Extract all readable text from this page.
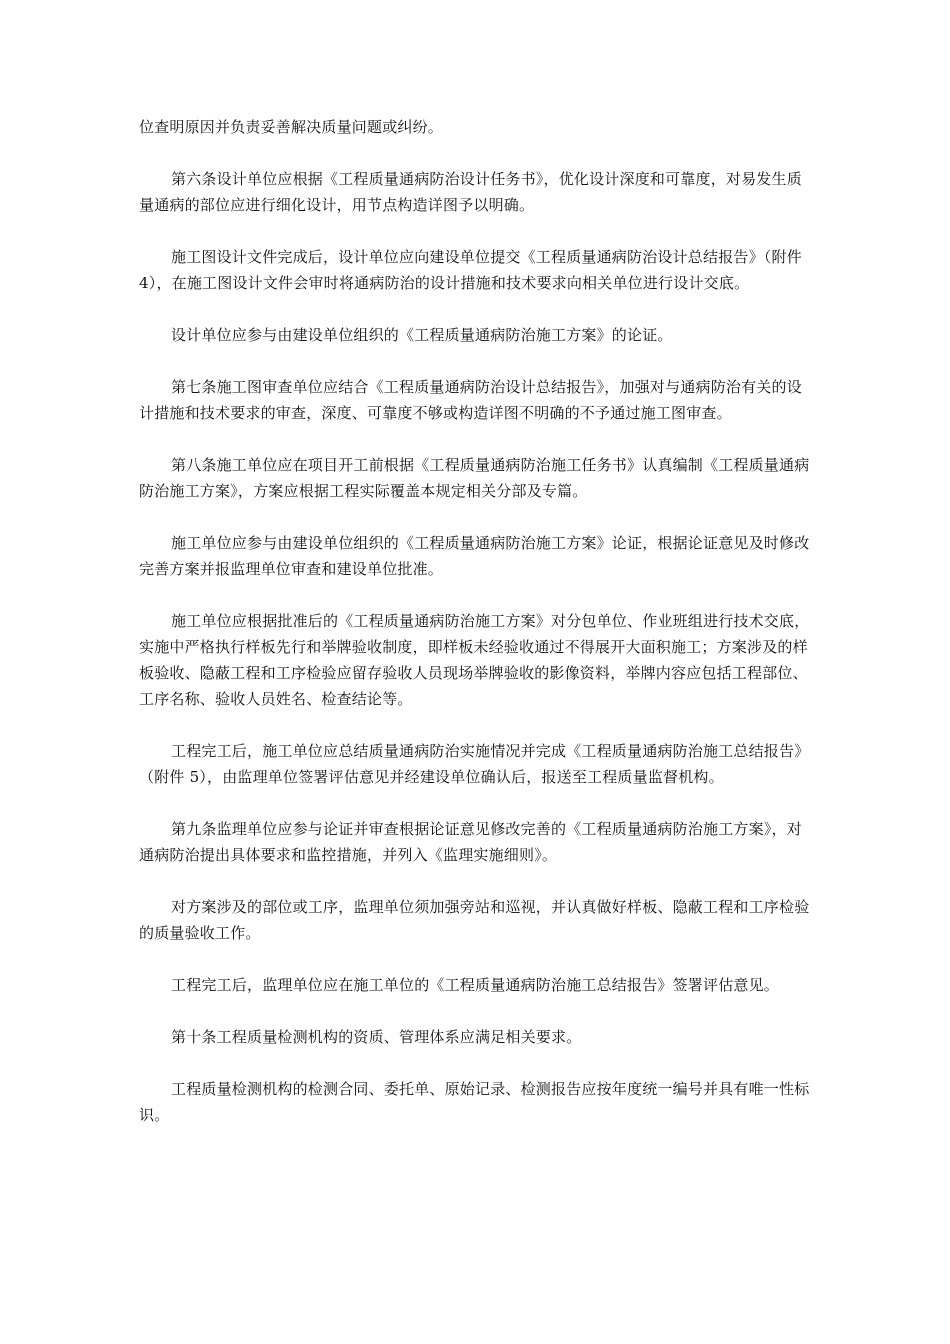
位查明原因并负责妥善解决质量问题或纠纷。

第六条设计单位应根据《工程质量通病防治设计任务书》，优化设计深度和可靠度，对易发生质量通病的部位应进行细化设计，用节点构造详图予以明确。

施工图设计文件完成后，设计单位应向建设单位提交《工程质量通病防治设计总结报告》（附件 4），在施工图设计文件会审时将通病防治的设计措施和技术要求向相关单位进行设计交底。

设计单位应参与由建设单位组织的《工程质量通病防治施工方案》的论证。

第七条施工图审查单位应结合《工程质量通病防治设计总结报告》，加强对与通病防治有关的设计措施和技术要求的审查，深度、可靠度不够或构造详图不明确的不予通过施工图审查。

第八条施工单位应在项目开工前根据《工程质量通病防治施工任务书》认真编制《工程质量通病防治施工方案》，方案应根据工程实际覆盖本规定相关分部及专篇。

施工单位应参与由建设单位组织的《工程质量通病防治施工方案》论证，根据论证意见及时修改完善方案并报监理单位审查和建设单位批准。

施工单位应根据批准后的《工程质量通病防治施工方案》对分包单位、作业班组进行技术交底，实施中严格执行样板先行和举牌验收制度，即样板未经验收通过不得展开大面积施工；方案涉及的样板验收、隐蔽工程和工序检验应留存验收人员现场举牌验收的影像资料，举牌内容应包括工程部位、工序名称、验收人员姓名、检查结论等。

工程完工后，施工单位应总结质量通病防治实施情况并完成《工程质量通病防治施工总结报告》（附件 5），由监理单位签署评估意见并经建设单位确认后，报送至工程质量监督机构。

第九条监理单位应参与论证并审查根据论证意见修改完善的《工程质量通病防治施工方案》，对通病防治提出具体要求和监控措施，并列入《监理实施细则》。

对方案涉及的部位或工序，监理单位须加强旁站和巡视，并认真做好样板、隐蔽工程和工序检验的质量验收工作。

工程完工后，监理单位应在施工单位的《工程质量通病防治施工总结报告》签署评估意见。

第十条工程质量检测机构的资质、管理体系应满足相关要求。

工程质量检测机构的检测合同、委托单、原始记录、检测报告应按年度统一编号并具有唯一性标识。
